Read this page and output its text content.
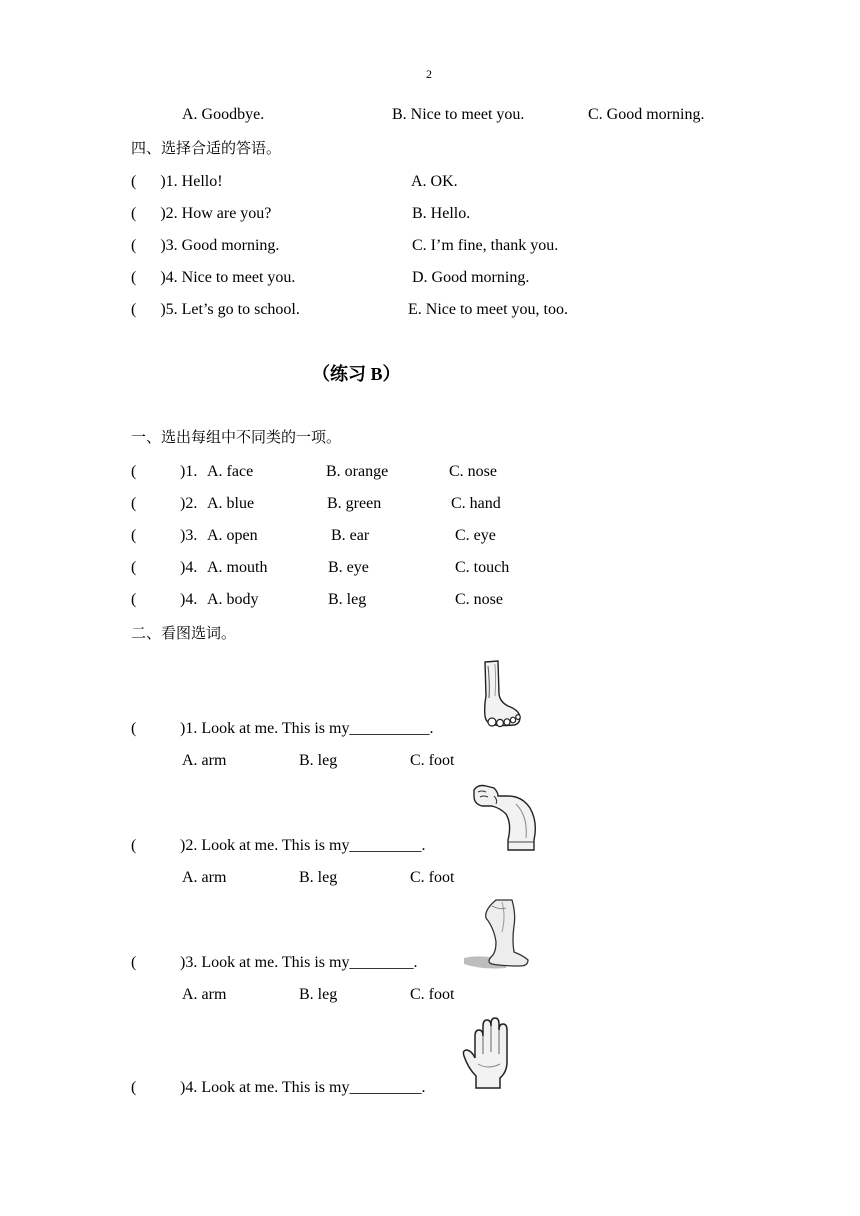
2
A. Goodbye.	B. Nice to meet you.	C. Good morning.
四、选择合适的答语。
(      )1. Hello!	A. OK.
(      )2. How are you?	B. Hello.
(      )3. Good morning.	C. I’m fine, thank you.
(      )4. Nice to meet you.	D. Good morning.
(      )5. Let’s go to school.	E. Nice to meet you, too.
（练习 B）
一、选出每组中不同类的一项。
(	)1. A. face	B. orange	C. nose
(	)2. A. blue	B. green	C. hand
(	)3. A. open	B. ear	C. eye
(	)4. A. mouth	B. eye	C. touch
(	)4. A. body	B. leg	C. nose
二、看图选词。
(	)1. Look at me. This is my__________.
A. arm	B. leg	C. foot
(	)2. Look at me. This is my_________.
A. arm	B. leg	C. foot
(	)3. Look at me. This is my________.
A. arm	B. leg	C. foot
(	)4. Look at me. This is my_________.
